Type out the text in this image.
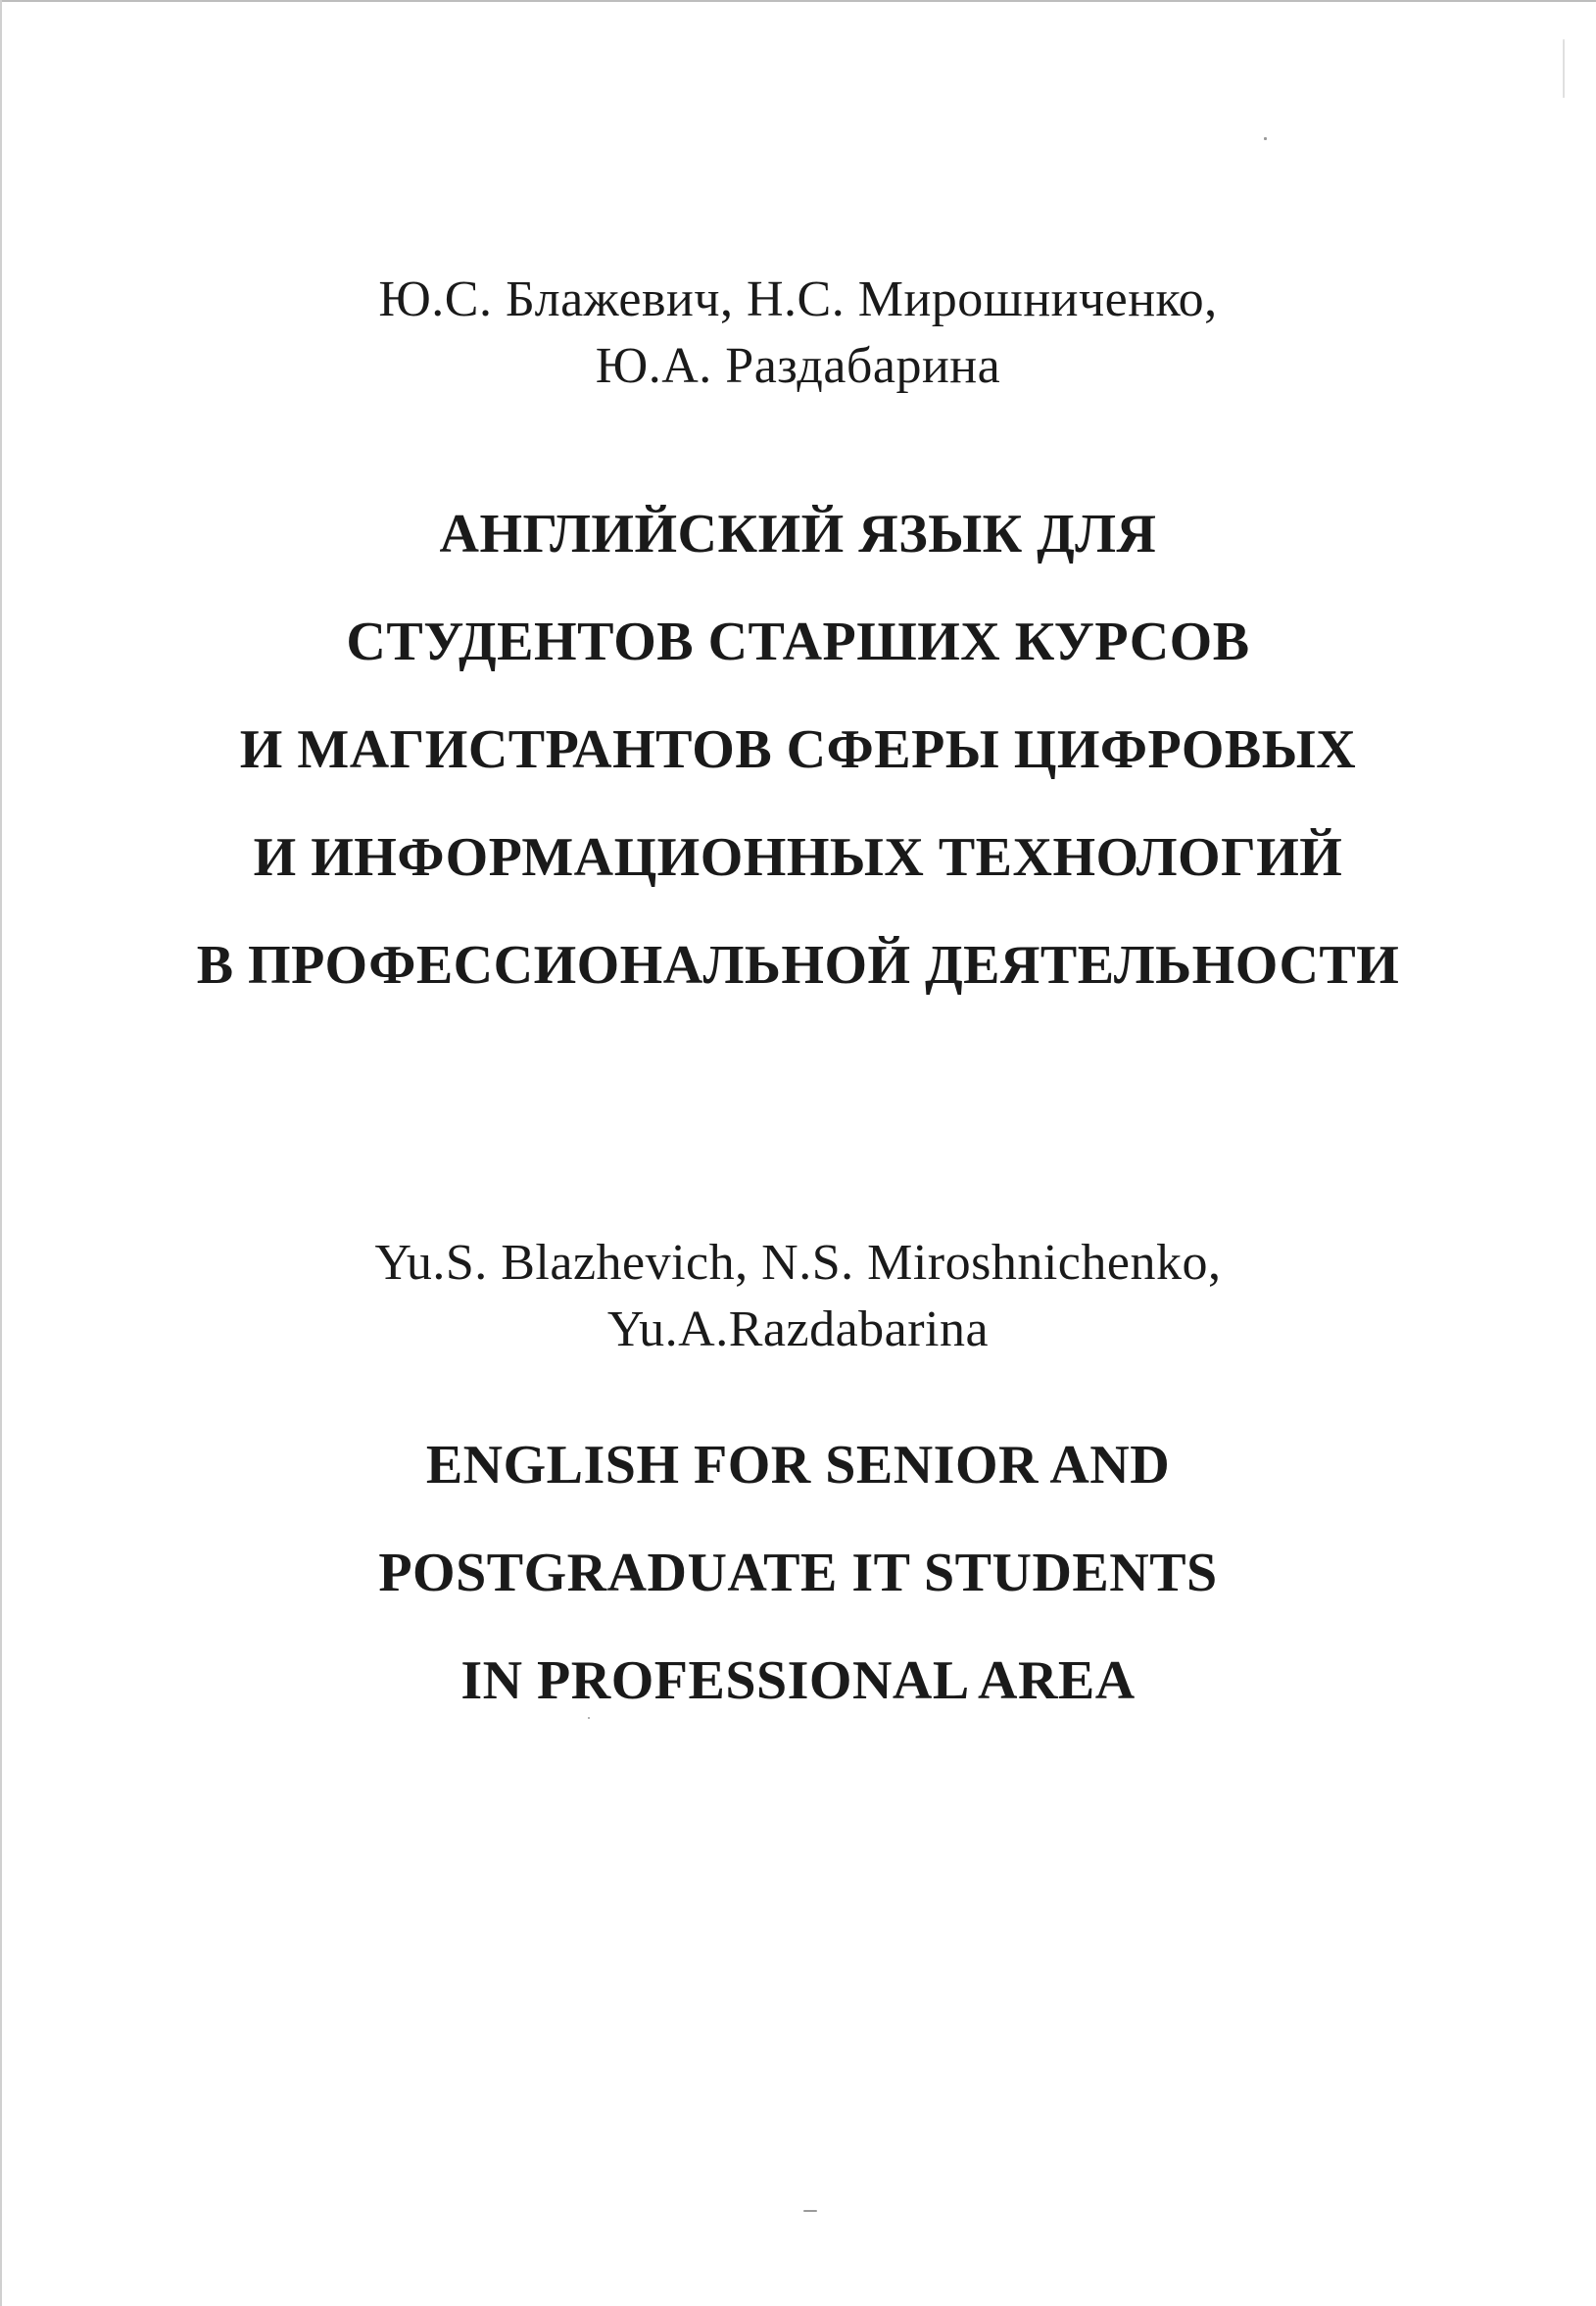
Ю.С. Блажевич, Н.С. Мирошниченко,
Ю.А. Раздабарина
АНГЛИЙСКИЙ ЯЗЫК ДЛЯ
СТУДЕНТОВ СТАРШИХ КУРСОВ
И МАГИСТРАНТОВ СФЕРЫ ЦИФРОВЫХ
И ИНФОРМАЦИОННЫХ ТЕХНОЛОГИЙ
В ПРОФЕССИОНАЛЬНОЙ ДЕЯТЕЛЬНОСТИ
Yu.S. Blazhevich, N.S. Miroshnichenko,
Yu.A.Razdabarina
ENGLISH FOR SENIOR AND
POSTGRADUATE IT STUDENTS
IN PROFESSIONAL AREA
